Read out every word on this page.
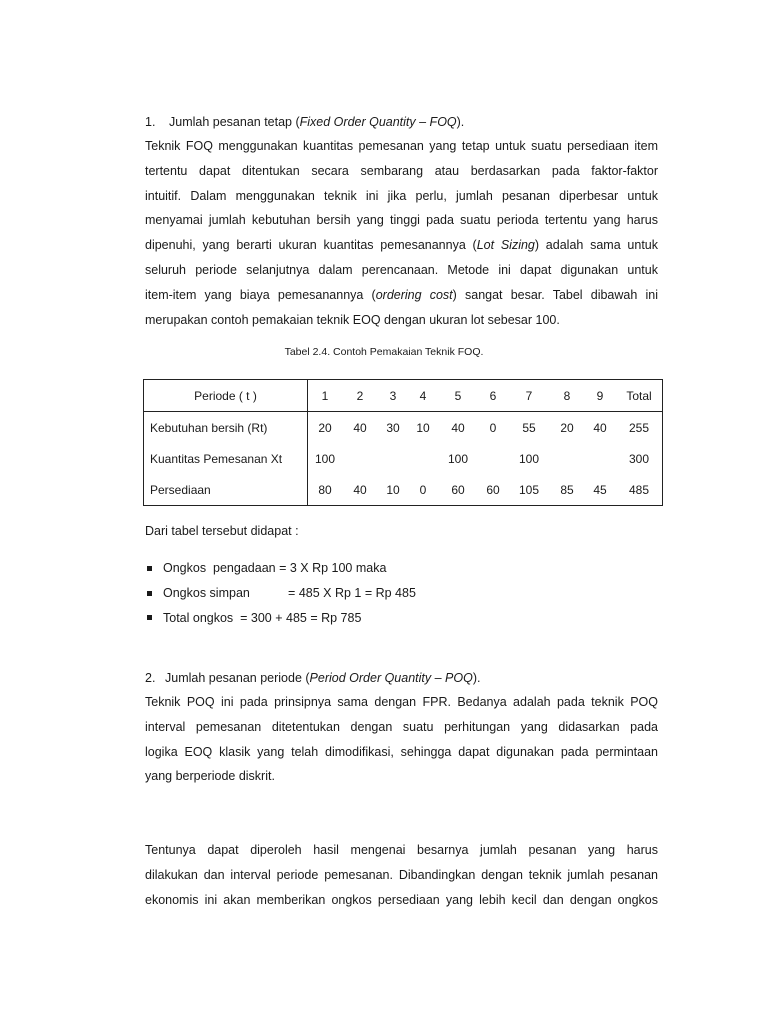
1. Jumlah pesanan tetap (Fixed Order Quantity – FOQ).
Teknik FOQ menggunakan kuantitas pemesanan yang tetap untuk suatu persediaan item
tertentu dapat ditentukan secara sembarang atau berdasarkan pada faktor-faktor
intuitif. Dalam menggunakan teknik ini jika perlu, jumlah pesanan diperbesar untuk
menyamai jumlah kebutuhan bersih yang tinggi pada suatu perioda tertentu yang harus
dipenuhi, yang berarti ukuran kuantitas pemesanannya (Lot Sizing) adalah sama untuk
seluruh periode selanjutnya dalam perencanaan. Metode ini dapat digunakan untuk
item-item yang biaya pemesanannya (ordering cost) sangat besar. Tabel dibawah ini
merupakan contoh pemakaian teknik EOQ dengan ukuran lot sebesar 100.
Tabel 2.4. Contoh Pemakaian Teknik FOQ.
Periode ( t )	1	2	3	4	5	6	7	8	9	Total
Kebutuhan bersih (Rt)	20	40	30	10	40	0	55	20	40	255
Kuantitas Pemesanan Xt	100				100		100			300
Persediaan	80	40	10	0	60	60	105	85	45	485
Dari tabel tersebut didapat :
Ongkos  pengadaan = 3 X Rp 100 maka
Ongkos simpan           = 485 X Rp 1 = Rp 485
Total ongkos  = 300 + 485 = Rp 785
2. Jumlah pesanan periode (Period Order Quantity – POQ).
Teknik POQ ini pada prinsipnya sama dengan FPR. Bedanya adalah pada teknik POQ
interval pemesanan ditetentukan dengan suatu perhitungan yang didasarkan pada
logika EOQ klasik yang telah dimodifikasi, sehingga dapat digunakan pada permintaan
yang berperiode diskrit.
Tentunya dapat diperoleh hasil mengenai besarnya jumlah pesanan yang harus
dilakukan dan interval periode pemesanan. Dibandingkan dengan teknik jumlah pesanan
ekonomis ini akan memberikan ongkos persediaan yang lebih kecil dan dengan ongkos
